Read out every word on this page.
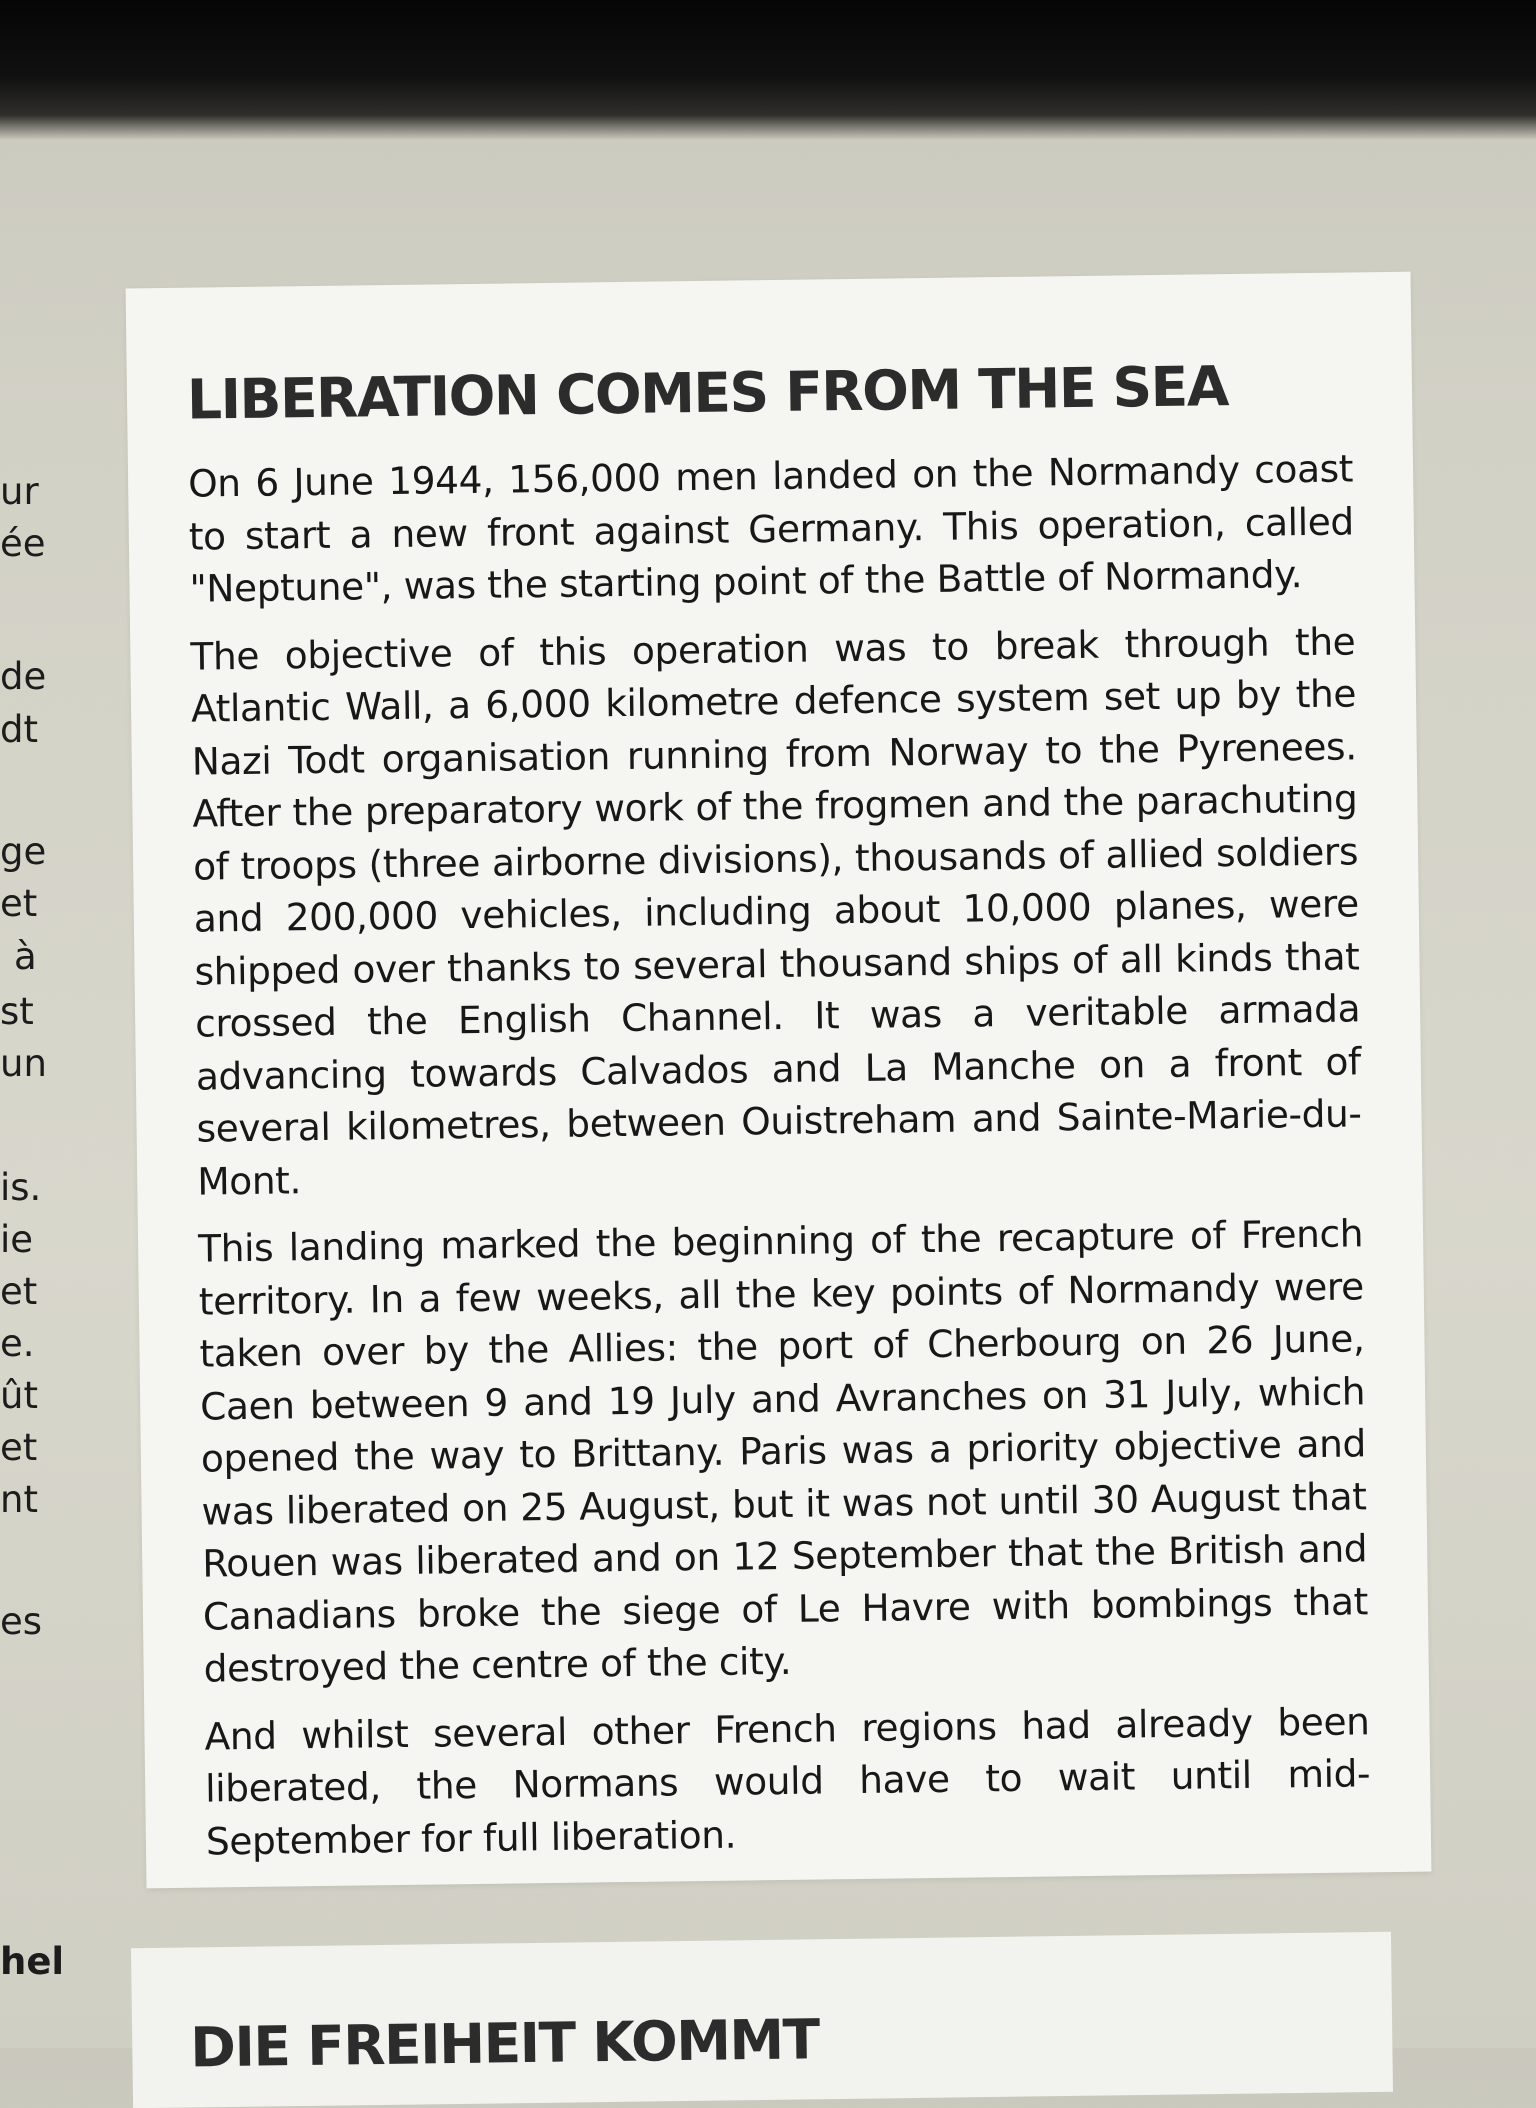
ur
ée
de
dt
ge
et
à
st
un
is.
ie
et
e.
ût
et
nt
es
hel
LIBERATION COMES FROM THE SEA

On 6 June 1944, 156,000 men landed on the Normandy coast to start a new front against Germany. This operation, called "Neptune", was the starting point of the Battle of Normandy.

The objective of this operation was to break through the Atlantic Wall, a 6,000 kilometre defence system set up by the Nazi Todt organisation running from Norway to the Pyrenees. After the preparatory work of the frogmen and the parachuting of troops (three airborne divisions), thousands of allied soldiers and 200,000 vehicles, including about 10,000 planes, were shipped over thanks to several thousand ships of all kinds that crossed the English Channel. It was a veritable armada advancing towards Calvados and La Manche on a front of several kilometres, between Ouistreham and Sainte-Marie-du-Mont.

This landing marked the beginning of the recapture of French territory. In a few weeks, all the key points of Normandy were taken over by the Allies: the port of Cherbourg on 26 June, Caen between 9 and 19 July and Avranches on 31 July, which opened the way to Brittany. Paris was a priority objective and was liberated on 25 August, but it was not until 30 August that Rouen was liberated and on 12 September that the British and Canadians broke the siege of Le Havre with bombings that destroyed the centre of the city.

And whilst several other French regions had already been liberated, the Normans would have to wait until mid-September for full liberation.

DIE FREIHEIT KOMMT
